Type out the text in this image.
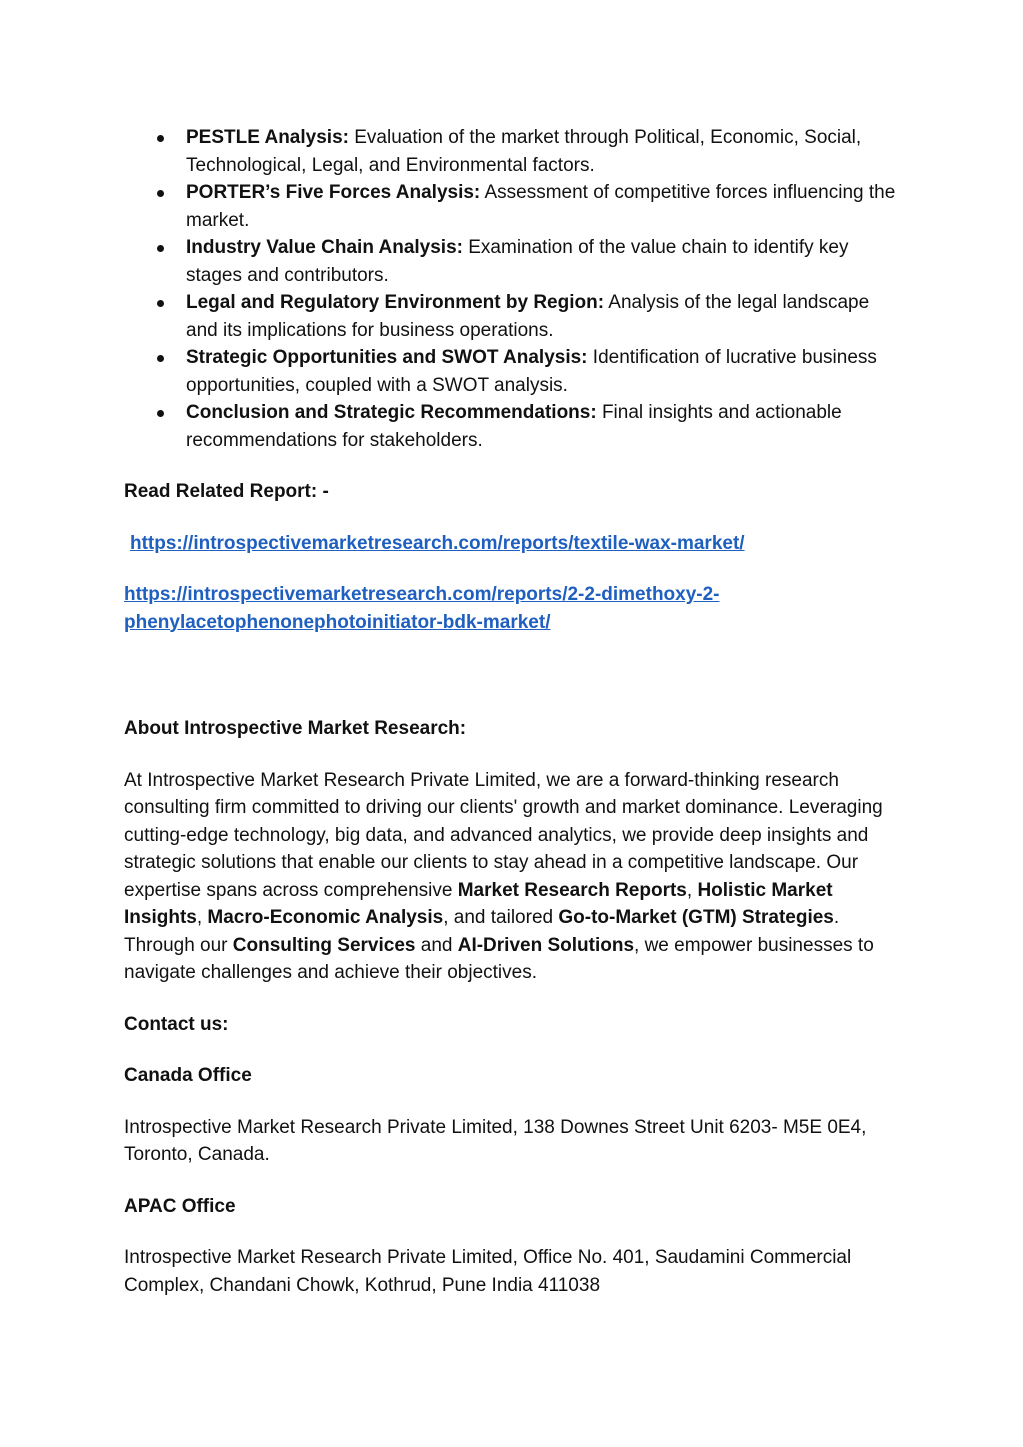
PESTLE Analysis: Evaluation of the market through Political, Economic, Social, Technological, Legal, and Environmental factors.
PORTER’s Five Forces Analysis: Assessment of competitive forces influencing the market.
Industry Value Chain Analysis: Examination of the value chain to identify key stages and contributors.
Legal and Regulatory Environment by Region: Analysis of the legal landscape and its implications for business operations.
Strategic Opportunities and SWOT Analysis: Identification of lucrative business opportunities, coupled with a SWOT analysis.
Conclusion and Strategic Recommendations: Final insights and actionable recommendations for stakeholders.

Read Related Report: -

https://introspectivemarketresearch.com/reports/textile-wax-market/
https://introspectivemarketresearch.com/reports/2-2-dimethoxy-2-phenylacetophenonephotoinitiator-bdk-market/

About Introspective Market Research:

At Introspective Market Research Private Limited, we are a forward-thinking research consulting firm committed to driving our clients' growth and market dominance. Leveraging cutting-edge technology, big data, and advanced analytics, we provide deep insights and strategic solutions that enable our clients to stay ahead in a competitive landscape. Our expertise spans across comprehensive Market Research Reports, Holistic Market Insights, Macro-Economic Analysis, and tailored Go-to-Market (GTM) Strategies. Through our Consulting Services and AI-Driven Solutions, we empower businesses to navigate challenges and achieve their objectives.

Contact us:

Canada Office

Introspective Market Research Private Limited, 138 Downes Street Unit 6203- M5E 0E4, Toronto, Canada.

APAC Office

Introspective Market Research Private Limited, Office No. 401, Saudamini Commercial Complex, Chandani Chowk, Kothrud, Pune India 411038
